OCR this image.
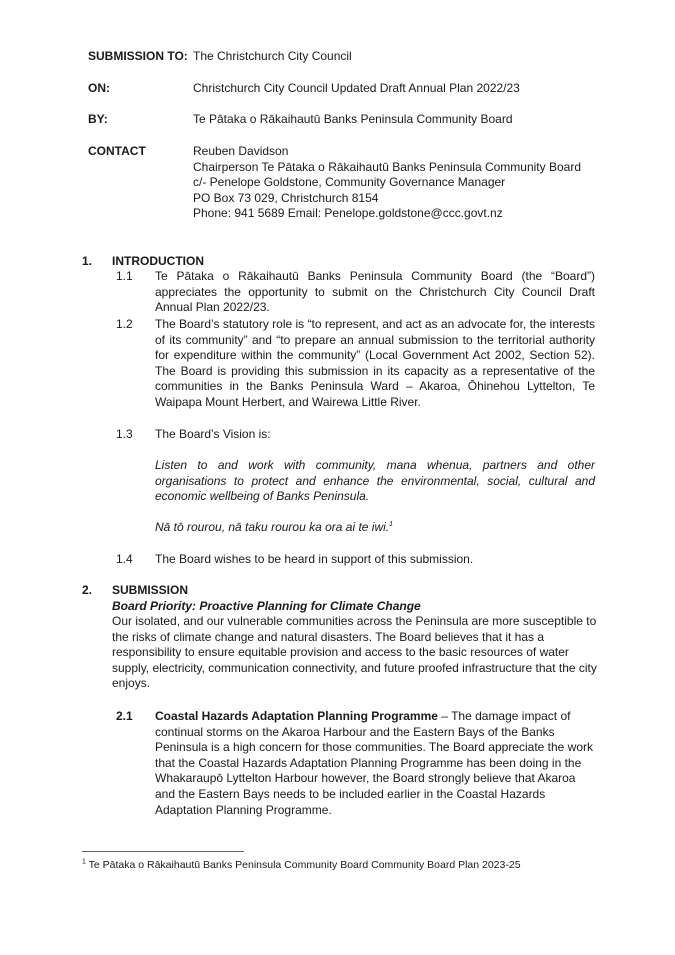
SUBMISSION TO: The Christchurch City Council
ON:	Christchurch City Council Updated Draft Annual Plan 2022/23
BY:	Te Pātaka o Rākaihautū Banks Peninsula Community Board
CONTACT	Reuben Davidson
Chairperson Te Pātaka o Rākaihautū Banks Peninsula Community Board
c/- Penelope Goldstone, Community Governance Manager
PO Box 73 029, Christchurch 8154
Phone: 941 5689 Email: Penelope.goldstone@ccc.govt.nz
1. INTRODUCTION
1.1 Te Pātaka o Rākaihautū Banks Peninsula Community Board (the “Board”) appreciates the opportunity to submit on the Christchurch City Council Draft Annual Plan 2022/23.
1.2 The Board’s statutory role is “to represent, and act as an advocate for, the interests of its community” and “to prepare an annual submission to the territorial authority for expenditure within the community” (Local Government Act 2002, Section 52). The Board is providing this submission in its capacity as a representative of the communities in the Banks Peninsula Ward – Akaroa, Ōhinehou Lyttelton, Te Waipapa Mount Herbert, and Wairewa Little River.
1.3 The Board’s Vision is:
Listen to and work with community, mana whenua, partners and other organisations to protect and enhance the environmental, social, cultural and economic wellbeing of Banks Peninsula.
Nā tō rourou, nā taku rourou ka ora ai te iwi.$^1$
1.4 The Board wishes to be heard in support of this submission.
2. SUBMISSION
Board Priority: Proactive Planning for Climate Change
Our isolated, and our vulnerable communities across the Peninsula are more susceptible to the risks of climate change and natural disasters. The Board believes that it has a responsibility to ensure equitable provision and access to the basic resources of water supply, electricity, communication connectivity, and future proofed infrastructure that the city enjoys.
2.1 Coastal Hazards Adaptation Planning Programme – The damage impact of continual storms on the Akaroa Harbour and the Eastern Bays of the Banks Peninsula is a high concern for those communities. The Board appreciate the work that the Coastal Hazards Adaptation Planning Programme has been doing in the Whakaraupō Lyttelton Harbour however, the Board strongly believe that Akaroa and the Eastern Bays needs to be included earlier in the Coastal Hazards Adaptation Planning Programme.
$^1$ Te Pātaka o Rākaihautū Banks Peninsula Community Board Community Board Plan 2023-25
